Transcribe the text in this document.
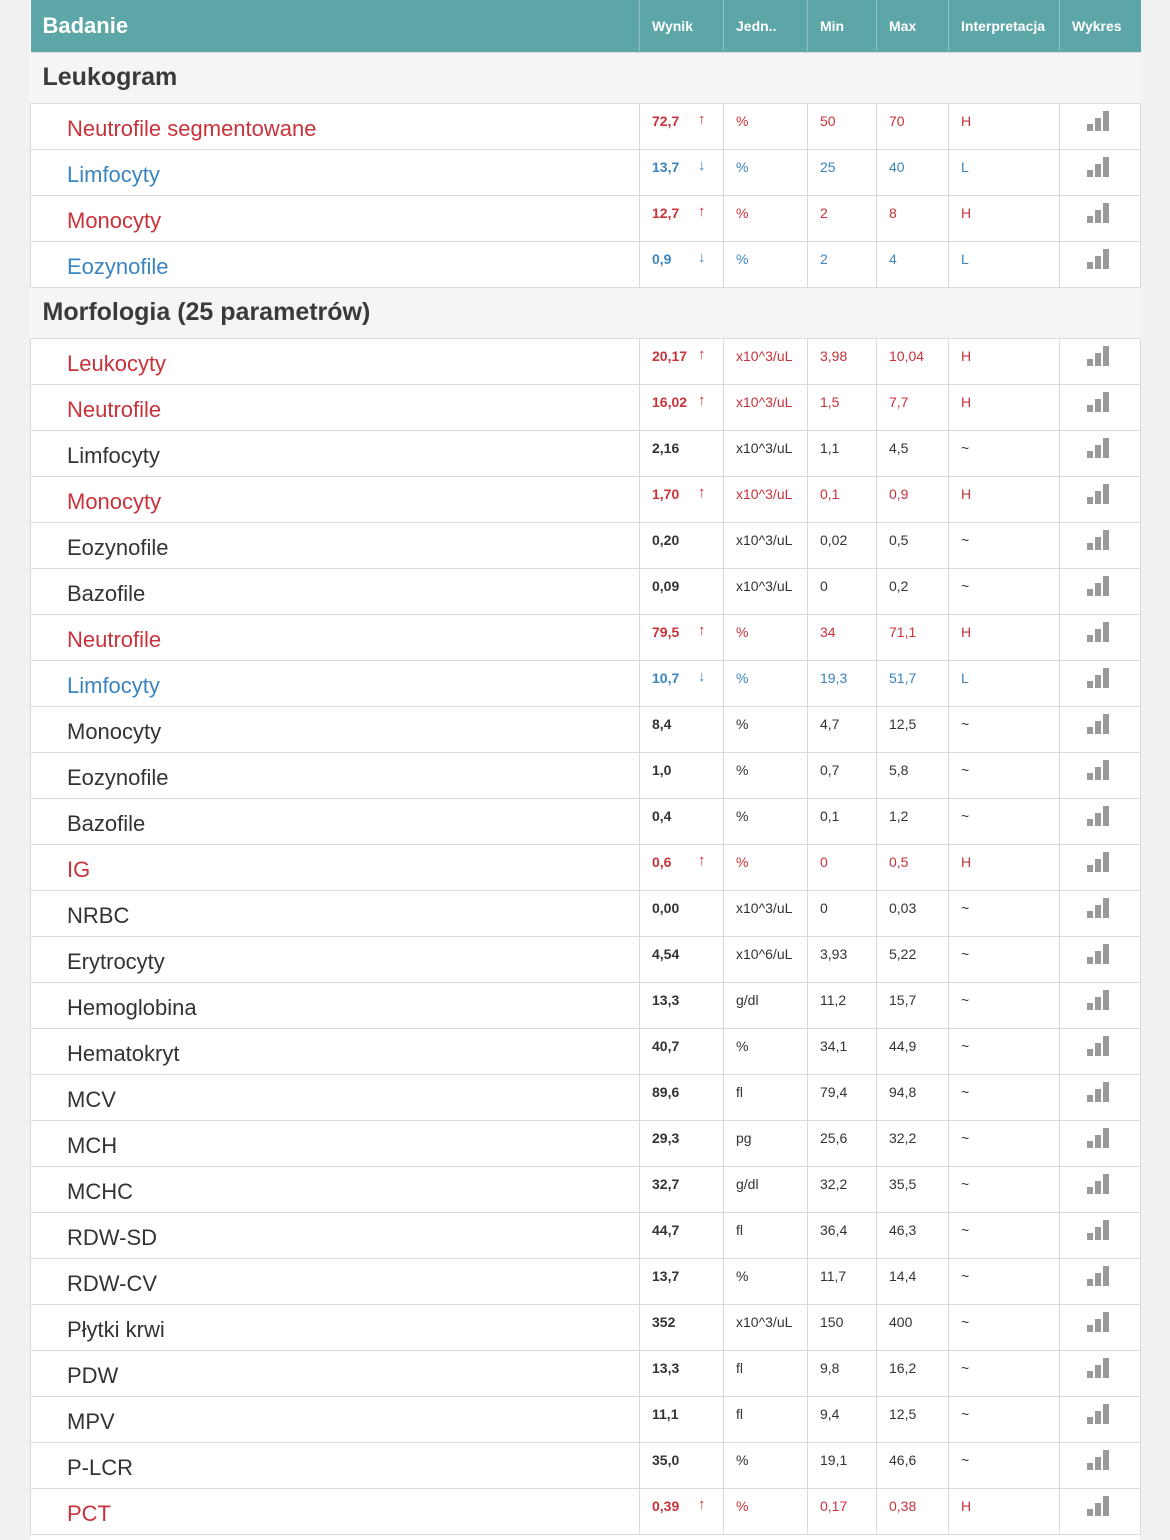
Badanie	Wynik	Jedn..	Min	Max	Interpretacja	Wykres
Leukogram						
Neutrofile segmentowane	72,7 ↑	%	50	70	H	

Limfocyty	13,7 ↓	%	25	40	L	

Monocyty	12,7 ↑	%	2	8	H	

Eozynofile	0,9 ↓	%	2	4	L	

Morfologia (25 parametrów)						
Leukocyty	20,17 ↑	x10^3/uL	3,98	10,04	H	

Neutrofile	16,02 ↑	x10^3/uL	1,5	7,7	H	

Limfocyty	2,16	x10^3/uL	1,1	4,5	~	

Monocyty	1,70 ↑	x10^3/uL	0,1	0,9	H	

Eozynofile	0,20	x10^3/uL	0,02	0,5	~	

Bazofile	0,09	x10^3/uL	0	0,2	~	

Neutrofile	79,5 ↑	%	34	71,1	H	

Limfocyty	10,7 ↓	%	19,3	51,7	L	

Monocyty	8,4	%	4,7	12,5	~	

Eozynofile	1,0	%	0,7	5,8	~	

Bazofile	0,4	%	0,1	1,2	~	

IG	0,6 ↑	%	0	0,5	H	

NRBC	0,00	x10^3/uL	0	0,03	~	

Erytrocyty	4,54	x10^6/uL	3,93	5,22	~	

Hemoglobina	13,3	g/dl	11,2	15,7	~	

Hematokryt	40,7	%	34,1	44,9	~	

MCV	89,6	fl	79,4	94,8	~	

MCH	29,3	pg	25,6	32,2	~	

MCHC	32,7	g/dl	32,2	35,5	~	

RDW-SD	44,7	fl	36,4	46,3	~	

RDW-CV	13,7	%	11,7	14,4	~	

Płytki krwi	352	x10^3/uL	150	400	~	

PDW	13,3	fl	9,8	16,2	~	

MPV	11,1	fl	9,4	12,5	~	

P-LCR	35,0	%	19,1	46,6	~	

PCT	0,39 ↑	%	0,17	0,38	H	
